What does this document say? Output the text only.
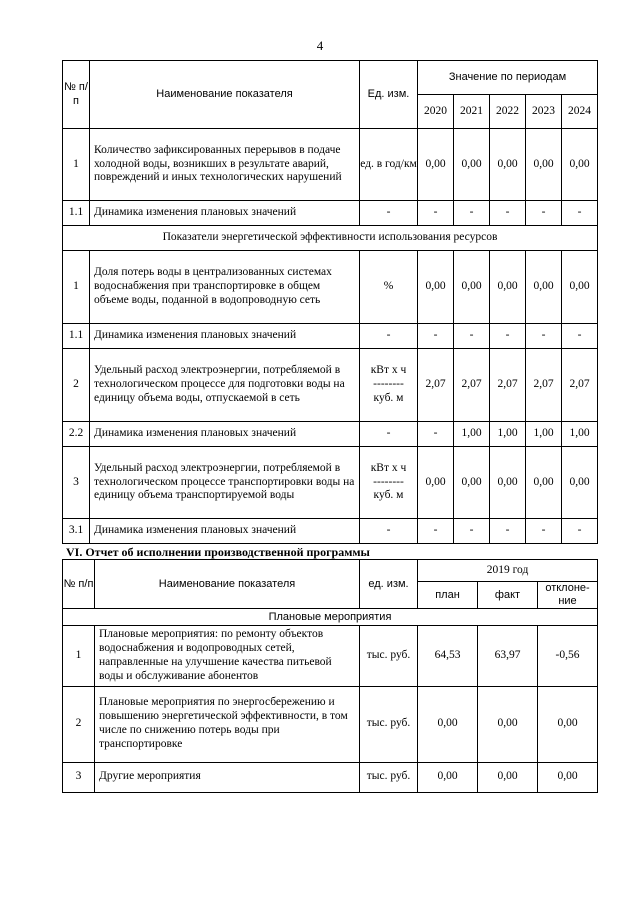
4
№ п/п	Наименование показателя	Ед. изм.	Значение по периодам				
			2020	2021	2022	2023	2024
1	Количество зафиксированных перерывов в подаче холодной воды, возникших в результате аварий, повреждений и иных технологических нарушений	ед. в год/км	0,00	0,00	0,00	0,00	0,00
1.1	Динамика изменения плановых значений	-	-	-	-	-	-
Показатели энергетической эффективности использования ресурсов							
1	Доля потерь воды в централизованных системах водоснабжения при транспортировке в общем объеме воды, поданной в водопроводную сеть	%	0,00	0,00	0,00	0,00	0,00
1.1	Динамика изменения плановых значений	-	-	-	-	-	-
2	Удельный расход электроэнергии, потребляемой в технологическом процессе для подготовки воды на единицу объема воды, отпускаемой в сеть	кВт х ч
--------
куб. м	2,07	2,07	2,07	2,07	2,07
2.2	Динамика изменения плановых значений	-	-	1,00	1,00	1,00	1,00
3	Удельный расход электроэнергии, потребляемой в технологическом процессе транспортировки воды на единицу объема транспортируемой воды	кВт х ч
--------
куб. м	0,00	0,00	0,00	0,00	0,00
3.1	Динамика изменения плановых значений	-	-	-	-	-	-
VI. Отчет об исполнении производственной программы
№ п/п	Наименование показателя	ед. изм.	2019 год		
			план	факт	отклоне-ние
Плановые мероприятия					
1	Плановые мероприятия: по ремонту объектов водоснабжения и водопроводных сетей, направленные на улучшение качества питьевой воды и обслуживание абонентов	тыс. руб.	64,53	63,97	-0,56
2	Плановые мероприятия по энергосбережению и повышению энергетической эффективности, в том числе по снижению потерь воды при транспортировке	тыс. руб.	0,00	0,00	0,00
3	Другие мероприятия	тыс. руб.	0,00	0,00	0,00
